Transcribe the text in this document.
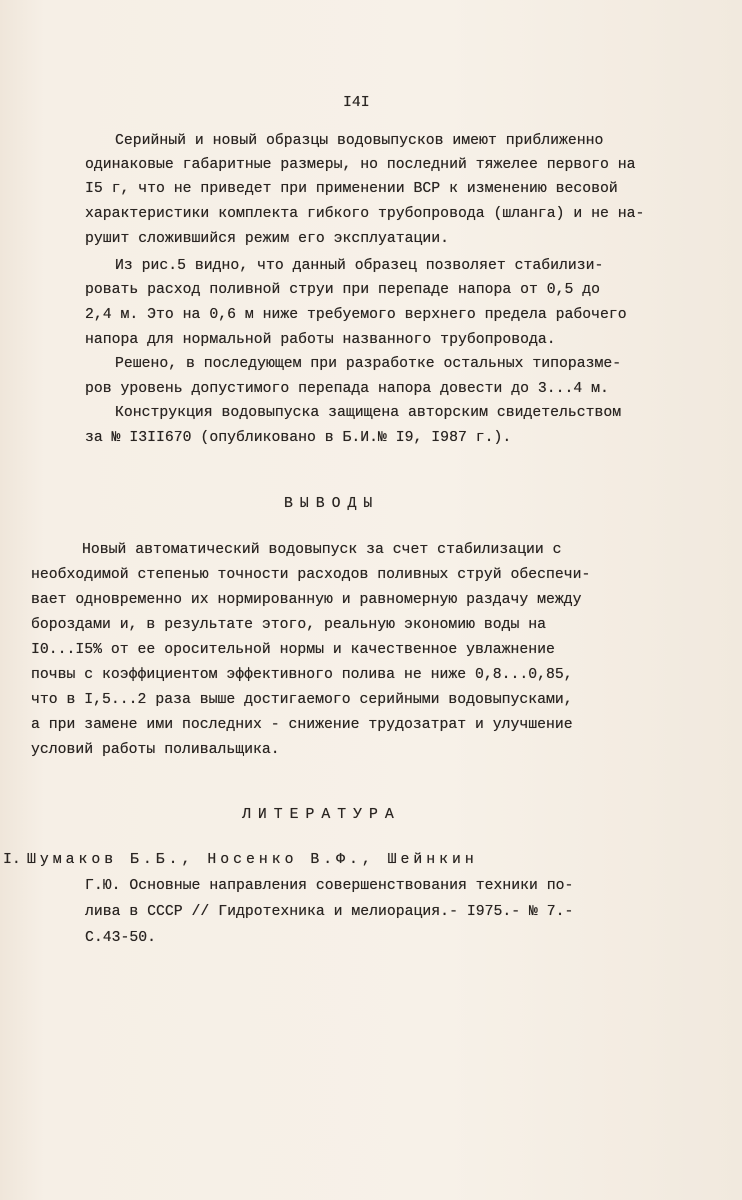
I4I
Серийный и новый образцы водовыпусков имеют приближенно
одинаковые габаритные размеры, но последний тяжелее первого на
I5 г, что не приведет при применении ВСР к изменению весовой
характеристики комплекта гибкого трубопровода (шланга) и не на-
рушит сложившийся режим его эксплуатации.
Из рис.5 видно, что данный образец позволяет стабилизи-
ровать расход поливной струи при перепаде напора от 0,5 до
2,4 м. Это на 0,6 м ниже требуемого верхнего предела рабочего
напора для нормальной работы названного трубопровода.
Решено, в последующем при разработке остальных типоразме-
ров уровень допустимого перепада напора довести до 3...4 м.
Конструкция водовыпуска защищена авторским свидетельством
за № I3II670 (опубликовано в Б.И.№ I9, I987 г.).
ВЫВОДЫ
Новый автоматический водовыпуск за счет стабилизации с
необходимой степенью точности расходов поливных струй обеспечи-
вает одновременно их нормированную и равномерную раздачу между
бороздами и, в результате этого, реальную экономию воды на
I0...I5% от ее оросительной нормы и качественное увлажнение
почвы с коэффициентом эффективного полива не ниже 0,8...0,85,
что в I,5...2 раза выше достигаемого серийными водовыпусками,
а при замене ими последних - снижение трудозатрат и улучшение
условий работы поливальщика.
ЛИТЕРАТУРА
I. Шумаков Б.Б., Носенко В.Ф., Шейнкин
Г.Ю. Основные направления совершенствования техники по-
лива в СССР // Гидротехника и мелиорация.- I975.- № 7.-
С.43-50.
